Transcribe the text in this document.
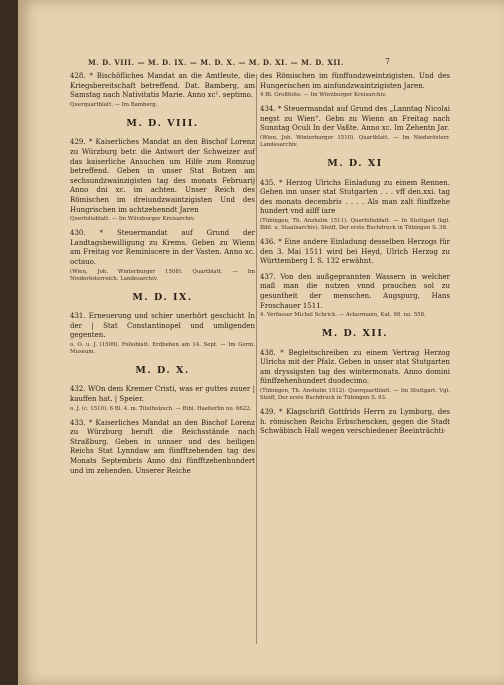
M. D. VIII. — M. D. IX. — M. D. X. — M. D. XI. — M. D. XII.	7
428. * Bischöfliches Mandat an die Amtleute, die Kriegsbereitschaft betreffend. Dat. Bamberg, am Samstag nach Nativitatis Marie. Anno xc¹. septimo.
Querquartblatt. — Im Bamberg.
M. D. VIII.
429. * Kaiserliches Mandat an den Bischof Lorenz zu Würzburg betr. die Antwort der Schweizer auf das kaiserliche Ansuchen um Hilfe zum Romzug betreffend. Geben in unser Stat Botzen am sechsundzwainzigisten tag des monats Februarij Anno dni xc. im achten. Unser Reich des Römischen im dreiundzwaintzigisten Und des Hungrischen im achtzehenndt Jaren
Querfolioblatt. — Im Würzburger Kreisarchiv.
430. * Steuermandat auf Grund der Landtagsbewilligung zu Krems. Geben zu Wienn am Freitag vor Reminiscere in der Vasten. Anno xc. octauo.
(Wien, Joh. Winterburger 1508). Quartblatt. — Im Niederösterreich. Landesarchiv.
M. D. IX.
431. Erneuerung und schier unerhört geschicht In der | Stat Constantinopel und umligenden gegenten.
o. O. u. J. (1509). Folioblatt. Erdbeben am 14. Sept. — Im Germ. Museum.
M. D. X.
432. WOn dem Kremer Cristi, was er guttes zuuer | kauffen hat. | Speier.
o. J. (c. 1510). 6 Bl. 4. m. Titelholzsch. — Bibl. Haeberlin no. 6622.
433. * Kaiserliches Mandat an den Bischof Lorenz zu Würzburg beruft die Reichsstände nach Straßburg. Geben in unnser und des heiligen Reichs Stat Lynndaw am fünfftzehenden tag des Monats Septembris Anno dni fünfftzehenhundert und im zehenden. Unserer Reiche
des Römischen im fünffundzweintzigisten. Und des Hungerischen im ainfundzwaintzigisten Jaren.
4 Bl. Großfolio. — Im Würzburger Kreisarchiv.
434. * Steuermandat auf Grund des „Lanntag Nicolai negst zu Wien“. Gebn zu Wienn an Freitag nach Sunntag Oculi In der Vaßte. Anno xc. Im Zehentn Jar.
(Wien, Joh. Winterburger 1510). Quartblatt. — Im Niederösterr. Landesarchiv.
M. D. XI
435. * Herzog Ulrichs Einladung zu einem Rennen. Geben inn unser stat Stutgarten . . . vff den.xxi. tag des monats decembris . . . . Als man zalt fünffzehe hundert vnd ailff iare
(Tübingen, Th. Anshelm 1511). Querfolioblatt. — In Stuttgart (kgl. Bibl. u. Staatsarchiv). Steiff, Der erste Buchdruck in Tübingen S. 38.
436. * Eine andere Einladung desselben Herzogs für den 3. Mai 1511 wird bei Heyd, Ulrich Herzog zu Württemberg I. S. 132 erwähnt.
437. Von den außgeprannten Wassern in welcher maß man die nutzen vnnd prauchen sol zu gesuntheit der menschen. Augspurg, Hans Froschauer 1511.
4. Verfasser Michel Schrick. — Ackermann, Kat. 98. no. 558.
M. D. XII.
438. * Begleitschreiben zu einem Vertrag Herzog Ulrichs mit der Pfalz. Geben in unser stat Stutgarten am dryssigsten tag des wintermonats. Anno domini fünffzehenhundert duodecimo.
(Tübingen, Th. Anshelm 1512). Querquartblatt. — Im Stuttgart. Vgl. Steiff, Der erste Buchdruck in Tübingen S. 93.
439. * Klagschrift Gottfrids Herrn zu Lymburg, des h. römischen Reichs Erbschencken, gegen die Stadt Schwäbisch Hall wegen verschiedener Beeinträchti-
